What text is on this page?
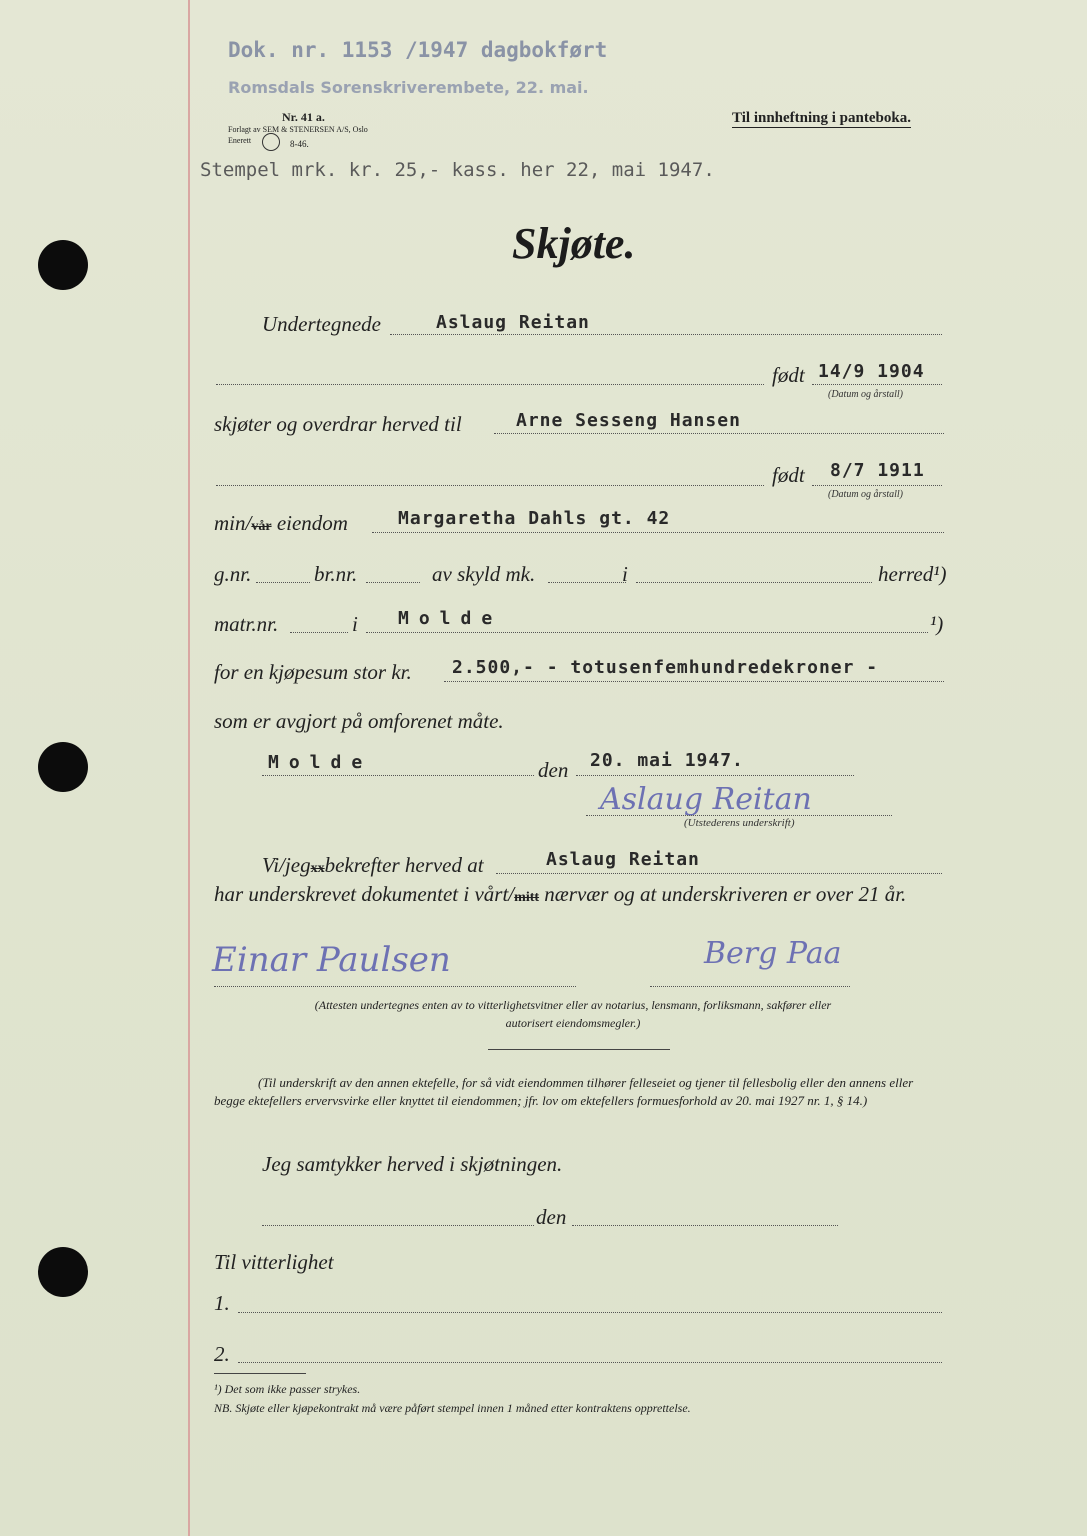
Dok. nr. 1153 /1947 dagbokført
Romsdals Sorenskriverembete, 22. mai.
Nr. 41 a.
Forlagt av SEM & STENERSEN A/S, Oslo
Enerett	8-46.
Til innheftning i panteboka.
Stempel mrk. kr. 25,- kass. her 22, mai 1947.
Skjøte.
Undertegnede	Aslaug Reitan
født 14/9 1904
(Datum og årstall)
skjøter og overdrar herved til	Arne Sesseng Hansen
født 8/7 1911
(Datum og årstall)
min/vår eiendom	Margaretha Dahls gt. 42
g.nr.	br.nr.	av skyld mk.	i	herred¹)
matr.nr.	i Molde	¹)
for en kjøpesum stor kr. 2.500,- - totusenfemhundredekroner -
som er avgjort på omforenet måte.
Molde	den 20. mai 1947.
Aslaug Reitan
(Utstederens underskrift)
Vi/jegxxbekrefter herved at	Aslaug Reitan
har underskrevet dokumentet i vårt/mitt nærvær og at underskriveren er over 21 år.
Einar Paulsen	Berg Paa
(Attesten undertegnes enten av to vitterlighetsvitner eller av notarius, lensmann, forliksmann, sakfører eller autorisert eiendomsmegler.)
(Til underskrift av den annen ektefelle, for så vidt eiendommen tilhører felleseiet og tjener til fellesbolig eller den annens eller begge ektefellers ervervsvirke eller knyttet til eiendommen; jfr. lov om ektefellers formuesforhold av 20. mai 1927 nr. 1, § 14.)
Jeg samtykker herved i skjøtningen.
den
Til vitterlighet
1.
2.
¹) Det som ikke passer strykes.
NB. Skjøte eller kjøpekontrakt må være påført stempel innen 1 måned etter kontraktens opprettelse.
